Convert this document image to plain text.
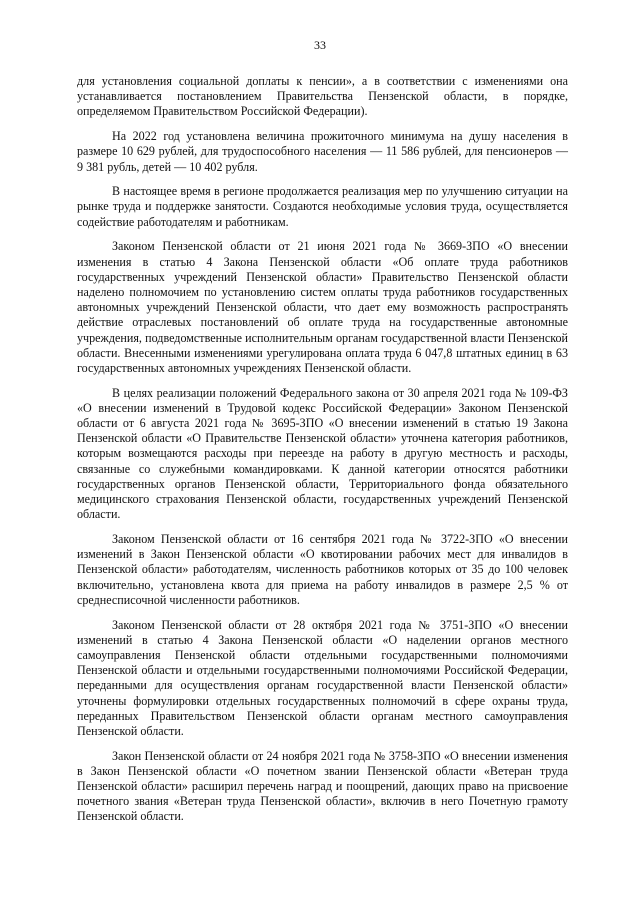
33

для установления социальной доплаты к пенсии», а в соответствии с изменениями она устанавливается постановлением Правительства Пензенской области, в порядке, определяемом Правительством Российской Федерации).

На 2022 год установлена величина прожиточного минимума на душу населения в размере 10 629 рублей, для трудоспособного населения — 11 586 рублей, для пенсионеров — 9 381 рубль, детей — 10 402 рубля.

В настоящее время в регионе продолжается реализация мер по улучшению ситуации на рынке труда и поддержке занятости. Создаются необходимые условия труда, осуществляется содействие работодателям и работникам.

Законом Пензенской области от 21 июня 2021 года № 3669-ЗПО «О внесении изменения в статью 4 Закона Пензенской области «Об оплате труда работников государственных учреждений Пензенской области» Правительство Пензенской области наделено полномочием по установлению систем оплаты труда работников государственных автономных учреждений Пензенской области, что дает ему возможность распространять действие отраслевых постановлений об оплате труда на государственные автономные учреждения, подведомственные исполнительным органам государственной власти Пензенской области. Внесенными изменениями урегулирована оплата труда 6 047,8 штатных единиц в 63 государственных автономных учреждениях Пензенской области.

В целях реализации положений Федерального закона от 30 апреля 2021 года № 109-ФЗ «О внесении изменений в Трудовой кодекс Российской Федерации» Законом Пензенской области от 6 августа 2021 года № 3695-ЗПО «О внесении изменений в статью 19 Закона Пензенской области «О Правительстве Пензенской области» уточнена категория работников, которым возмещаются расходы при переезде на работу в другую местность и расходы, связанные со служебными командировками. К данной категории относятся работники государственных органов Пензенской области, Территориального фонда обязательного медицинского страхования Пензенской области, государственных учреждений Пензенской области.

Законом Пензенской области от 16 сентября 2021 года № 3722-ЗПО «О внесении изменений в Закон Пензенской области «О квотировании рабочих мест для инвалидов в Пензенской области» работодателям, численность работников которых от 35 до 100 человек включительно, установлена квота для приема на работу инвалидов в размере 2,5 % от среднесписочной численности работников.

Законом Пензенской области от 28 октября 2021 года № 3751-ЗПО «О внесении изменений в статью 4 Закона Пензенской области «О наделении органов местного самоуправления Пензенской области отдельными государственными полномочиями Пензенской области и отдельными государственными полномочиями Российской Федерации, переданными для осуществления органам государственной власти Пензенской области» уточнены формулировки отдельных государственных полномочий в сфере охраны труда, переданных Правительством Пензенской области органам местного самоуправления Пензенской области.

Закон Пензенской области от 24 ноября 2021 года № 3758-ЗПО «О внесении изменения в Закон Пензенской области «О почетном звании Пензенской области «Ветеран труда Пензенской области» расширил перечень наград и поощрений, дающих право на присвоение почетного звания «Ветеран труда Пензенской области», включив в него Почетную грамоту Пензенской области.
